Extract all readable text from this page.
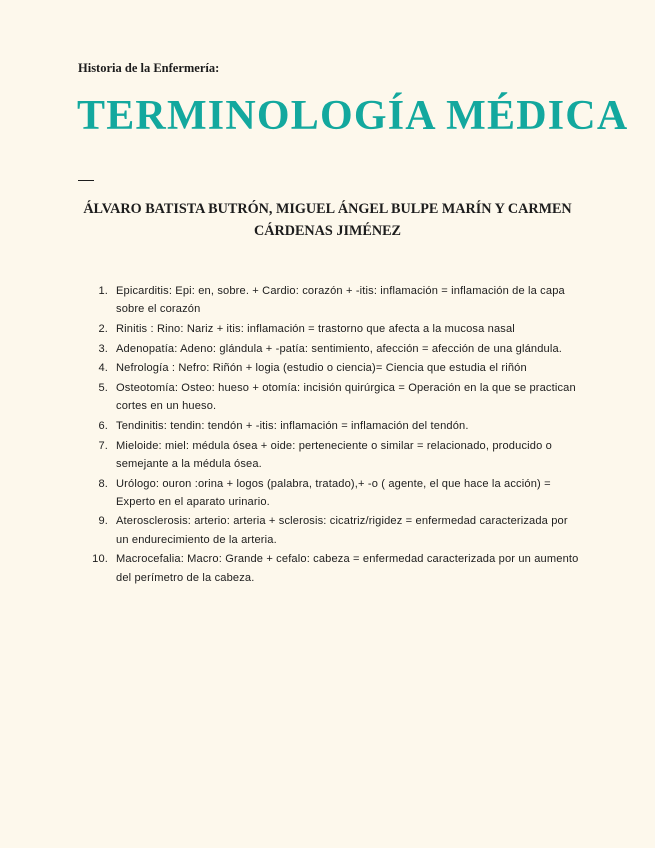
Historia de la Enfermería:
TERMINOLOGÍA MÉDICA
ÁLVARO BATISTA BUTRÓN, MIGUEL ÁNGEL BULPE MARÍN Y CARMEN CÁRDENAS JIMÉNEZ
1. Epicarditis: Epi: en, sobre. + Cardio: corazón + -itis: inflamación = inflamación de la capa sobre el corazón
2. Rinitis : Rino: Nariz + itis: inflamación = trastorno que afecta a la mucosa nasal
3. Adenopatía: Adeno: glándula + -patía: sentimiento, afección = afección de una glándula.
4. Nefrología : Nefro: Riñón + logia (estudio o ciencia)= Ciencia que estudia el riñón
5. Osteotomía: Osteo: hueso + otomía: incisión quirúrgica = Operación en la que se practican cortes en un hueso.
6. Tendinitis: tendin: tendón + -itis: inflamación = inflamación del tendón.
7. Mieloide: miel: médula ósea + oide: perteneciente o similar = relacionado, producido o semejante a la médula ósea.
8. Urólogo: ouron :orina + logos (palabra, tratado),+ -o ( agente, el que hace la acción) = Experto en el aparato urinario.
9. Aterosclerosis: arterio: arteria + sclerosis: cicatriz/rigidez = enfermedad caracterizada por un endurecimiento de la arteria.
10. Macrocefalia: Macro: Grande + cefalo: cabeza = enfermedad caracterizada por un aumento del perímetro de la cabeza.
